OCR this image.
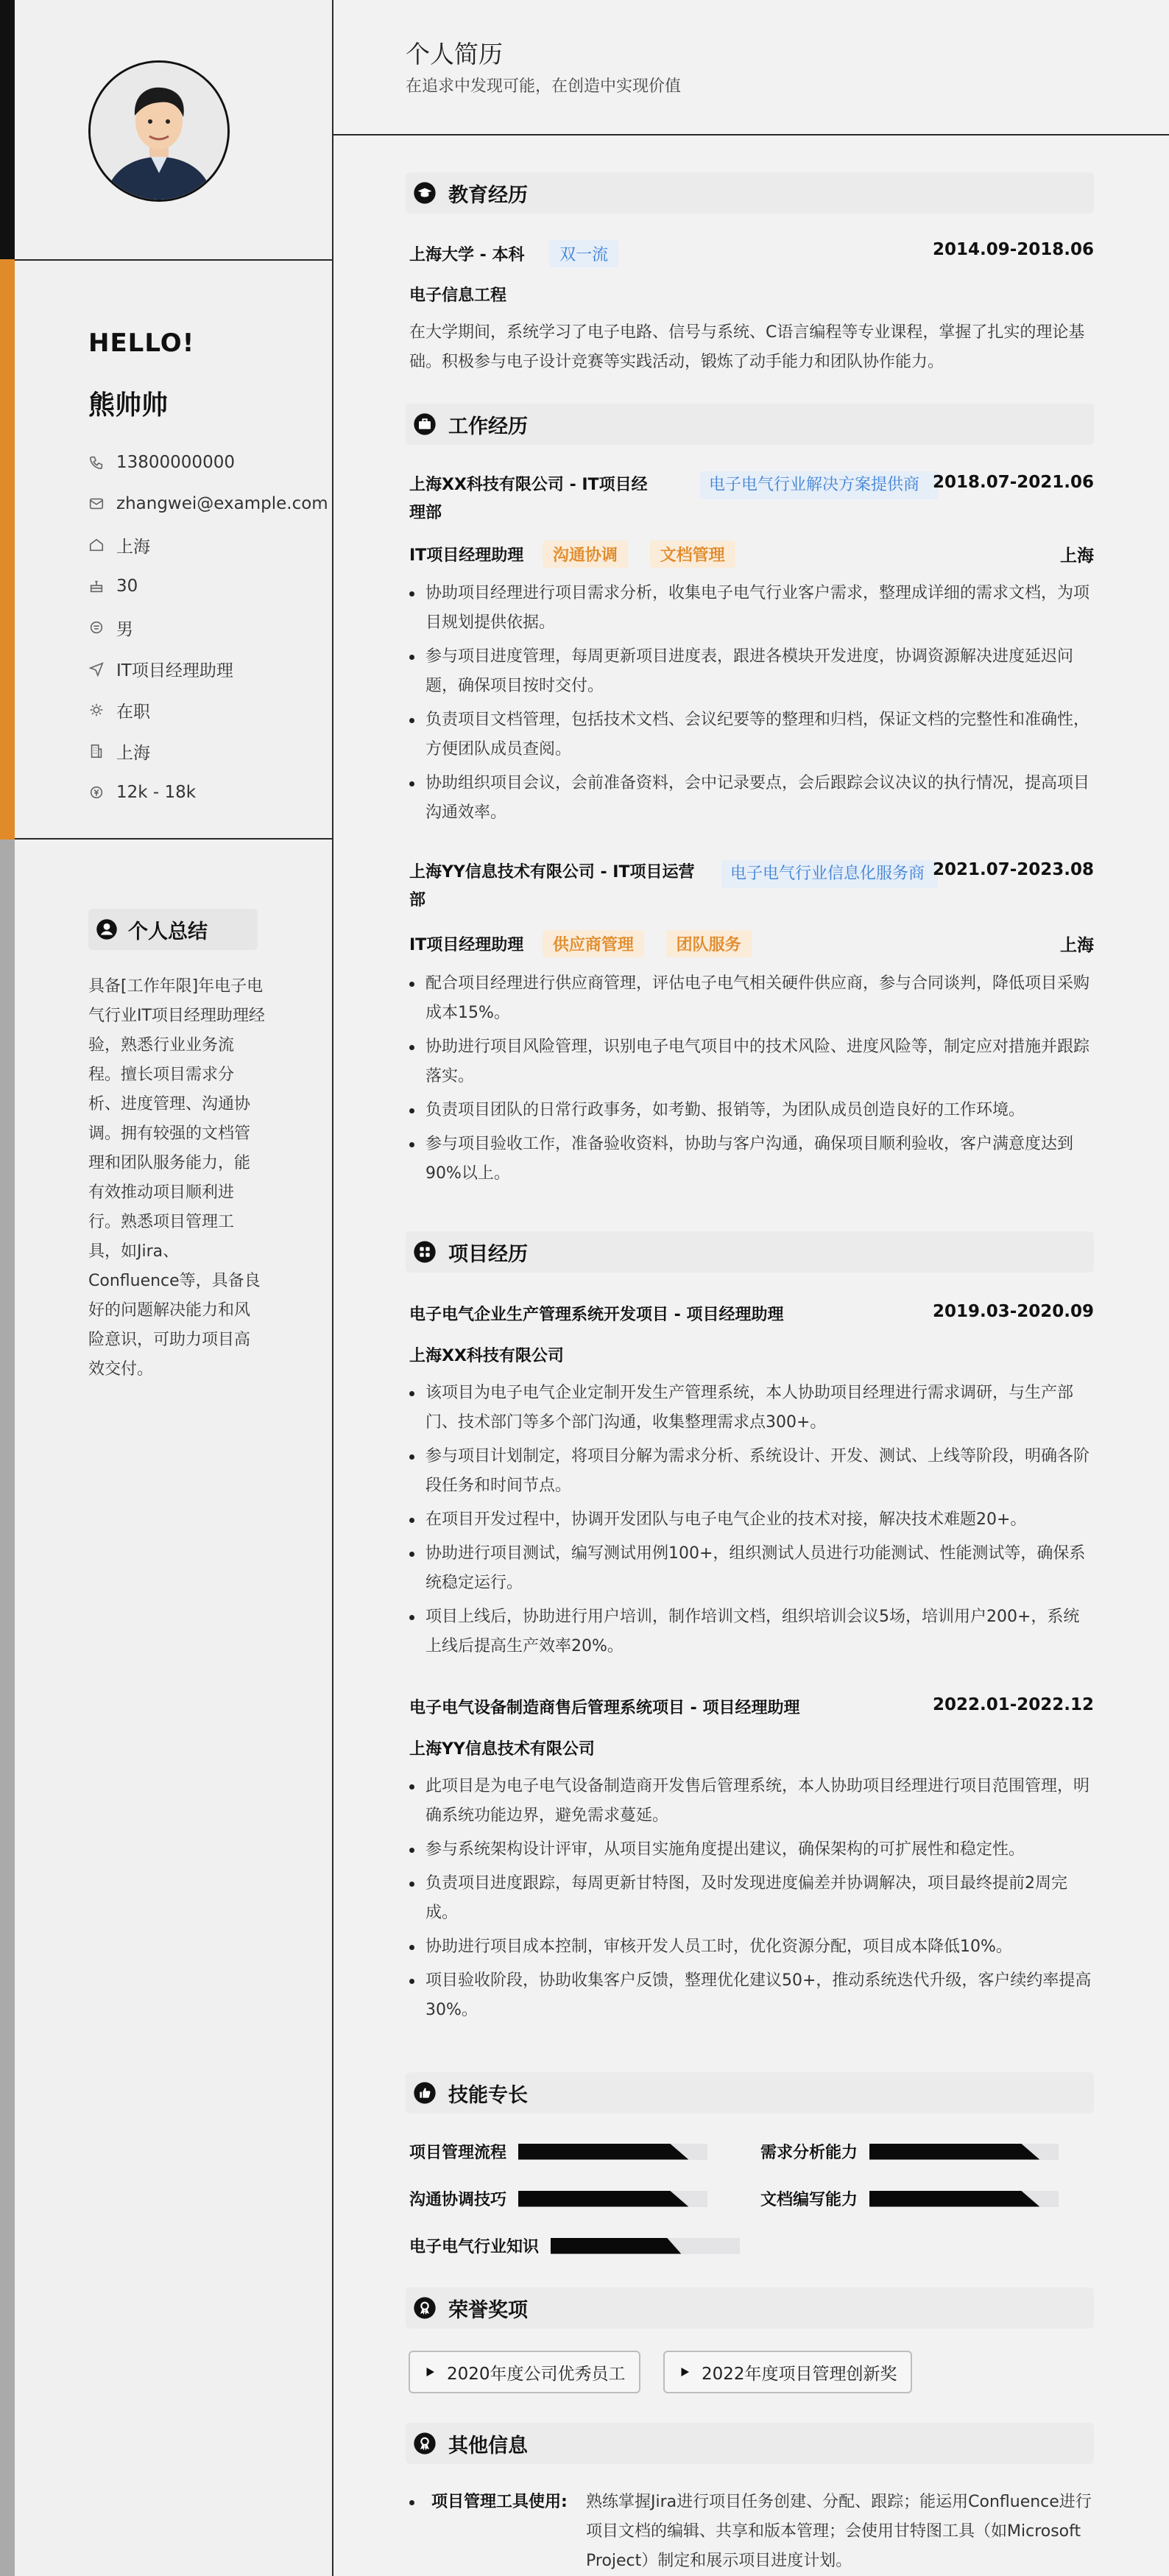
HELLO!
熊帅帅
13800000000
zhangwei@example.com
上海
30
男
IT项目经理助理
在职
上海
12k - 18k
个人总结
具备[工作年限]年电子电气行业IT项目经理助理经验，熟悉行业业务流程。擅长项目需求分析、进度管理、沟通协调。拥有较强的文档管理和团队服务能力，能有效推动项目顺利进行。熟悉项目管理工具，如Jira、Confluence等，具备良好的问题解决能力和风险意识，可助力项目高效交付。
个人简历
在追求中发现可能，在创造中实现价值
教育经历
上海大学 - 本科 双一流	2014.09-2018.06
电子信息工程
在大学期间，系统学习了电子电路、信号与系统、C语言编程等专业课程，掌握了扎实的理论基础。积极参与电子设计竞赛等实践活动，锻炼了动手能力和团队协作能力。
工作经历
上海XX科技有限公司 - IT项目经理部
电子电气行业解决方案提供商 2018.07-2021.06
IT项目经理助理 沟通协调	文档管理	上海
协助项目经理进行项目需求分析，收集电子电气行业客户需求，整理成详细的需求文档，为项目规划提供依据。
参与项目进度管理，每周更新项目进度表，跟进各模块开发进度，协调资源解决进度延迟问题，确保项目按时交付。
负责项目文档管理，包括技术文档、会议纪要等的整理和归档，保证文档的完整性和准确性，方便团队成员查阅。
协助组织项目会议，会前准备资料，会中记录要点，会后跟踪会议决议的执行情况，提高项目沟通效率。
上海YY信息技术有限公司 - IT项目运营部
电子电气行业信息化服务商 2021.07-2023.08
IT项目经理助理 供应商管理	团队服务	上海
配合项目经理进行供应商管理，评估电子电气相关硬件供应商，参与合同谈判，降低项目采购成本15%。
协助进行项目风险管理，识别电子电气项目中的技术风险、进度风险等，制定应对措施并跟踪落实。
负责项目团队的日常行政事务，如考勤、报销等，为团队成员创造良好的工作环境。
参与项目验收工作，准备验收资料，协助与客户沟通，确保项目顺利验收，客户满意度达到90%以上。
项目经历
电子电气企业生产管理系统开发项目 - 项目经理助理	2019.03-2020.09
上海XX科技有限公司
该项目为电子电气企业定制开发生产管理系统，本人协助项目经理进行需求调研，与生产部门、技术部门等多个部门沟通，收集整理需求点300+。
参与项目计划制定，将项目分解为需求分析、系统设计、开发、测试、上线等阶段，明确各阶段任务和时间节点。
在项目开发过程中，协调开发团队与电子电气企业的技术对接，解决技术难题20+。
协助进行项目测试，编写测试用例100+，组织测试人员进行功能测试、性能测试等，确保系统稳定运行。
项目上线后，协助进行用户培训，制作培训文档，组织培训会议5场，培训用户200+，系统上线后提高生产效率20%。
电子电气设备制造商售后管理系统项目 - 项目经理助理	2022.01-2022.12
上海YY信息技术有限公司
此项目是为电子电气设备制造商开发售后管理系统，本人协助项目经理进行项目范围管理，明确系统功能边界，避免需求蔓延。
参与系统架构设计评审，从项目实施角度提出建议，确保架构的可扩展性和稳定性。
负责项目进度跟踪，每周更新甘特图，及时发现进度偏差并协调解决，项目最终提前2周完成。
协助进行项目成本控制，审核开发人员工时，优化资源分配，项目成本降低10%。
项目验收阶段，协助收集客户反馈，整理优化建议50+，推动系统迭代升级，客户续约率提高30%。
技能专长
项目管理流程	需求分析能力
沟通协调技巧	文档编写能力
电子电气行业知识
荣誉奖项
2020年度公司优秀员工	2022年度项目管理创新奖
其他信息
项目管理工具使用:	熟练掌握Jira进行项目任务创建、分配、跟踪；能运用Confluence进行项目文档的编辑、共享和版本管理；会使用甘特图工具（如Microsoft Project）制定和展示项目进度计划。
